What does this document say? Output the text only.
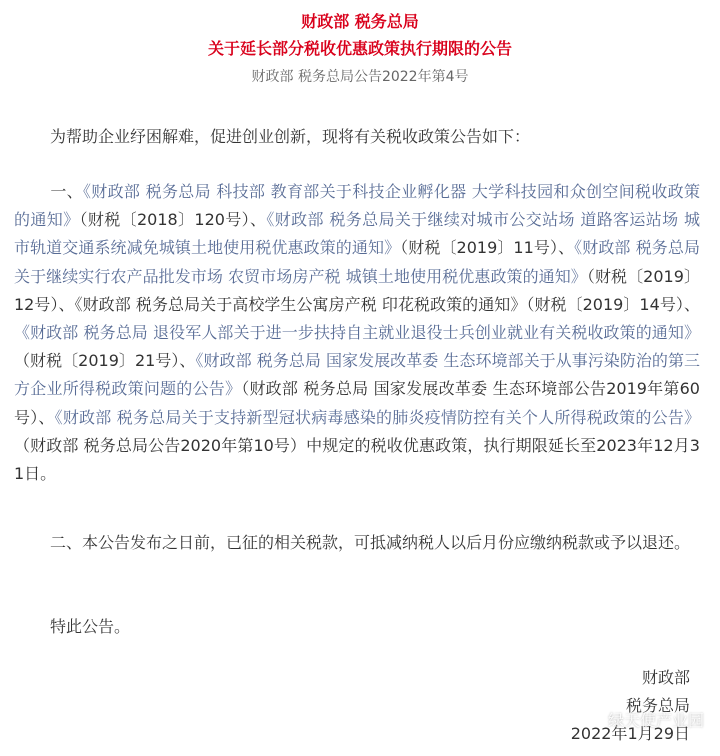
财政部 税务总局
关于延长部分税收优惠政策执行期限的公告
财政部 税务总局公告2022年第4号
为帮助企业纾困解难，促进创业创新，现将有关税收政策公告如下：
一、《财政部 税务总局 科技部 教育部关于科技企业孵化器 大学科技园和众创空间税收政策的通知》（财税〔2018〕120号）、《财政部 税务总局关于继续对城市公交站场 道路客运站场 城市轨道交通系统减免城镇土地使用税优惠政策的通知》（财税〔2019〕11号）、《财政部 税务总局关于继续实行农产品批发市场 农贸市场房产税 城镇土地使用税优惠政策的通知》（财税〔2019〕12号）、《财政部 税务总局关于高校学生公寓房产税 印花税政策的通知》（财税〔2019〕14号）、《财政部 税务总局 退役军人部关于进一步扶持自主就业退役士兵创业就业有关税收政策的通知》（财税〔2019〕21号）、《财政部 税务总局 国家发展改革委 生态环境部关于从事污染防治的第三方企业所得税政策问题的公告》（财政部 税务总局 国家发展改革委 生态环境部公告2019年第60号）、《财政部 税务总局关于支持新型冠状病毒感染的肺炎疫情防控有关个人所得税政策的公告》（财政部 税务总局公告2020年第10号）中规定的税收优惠政策，执行期限延长至2023年12月31日。
二、本公告发布之日前，已征的相关税款，可抵减纳税人以后月份应缴纳税款或予以退还。
特此公告。
财政部
税务总局
2022年1月29日
绿天使产业园
